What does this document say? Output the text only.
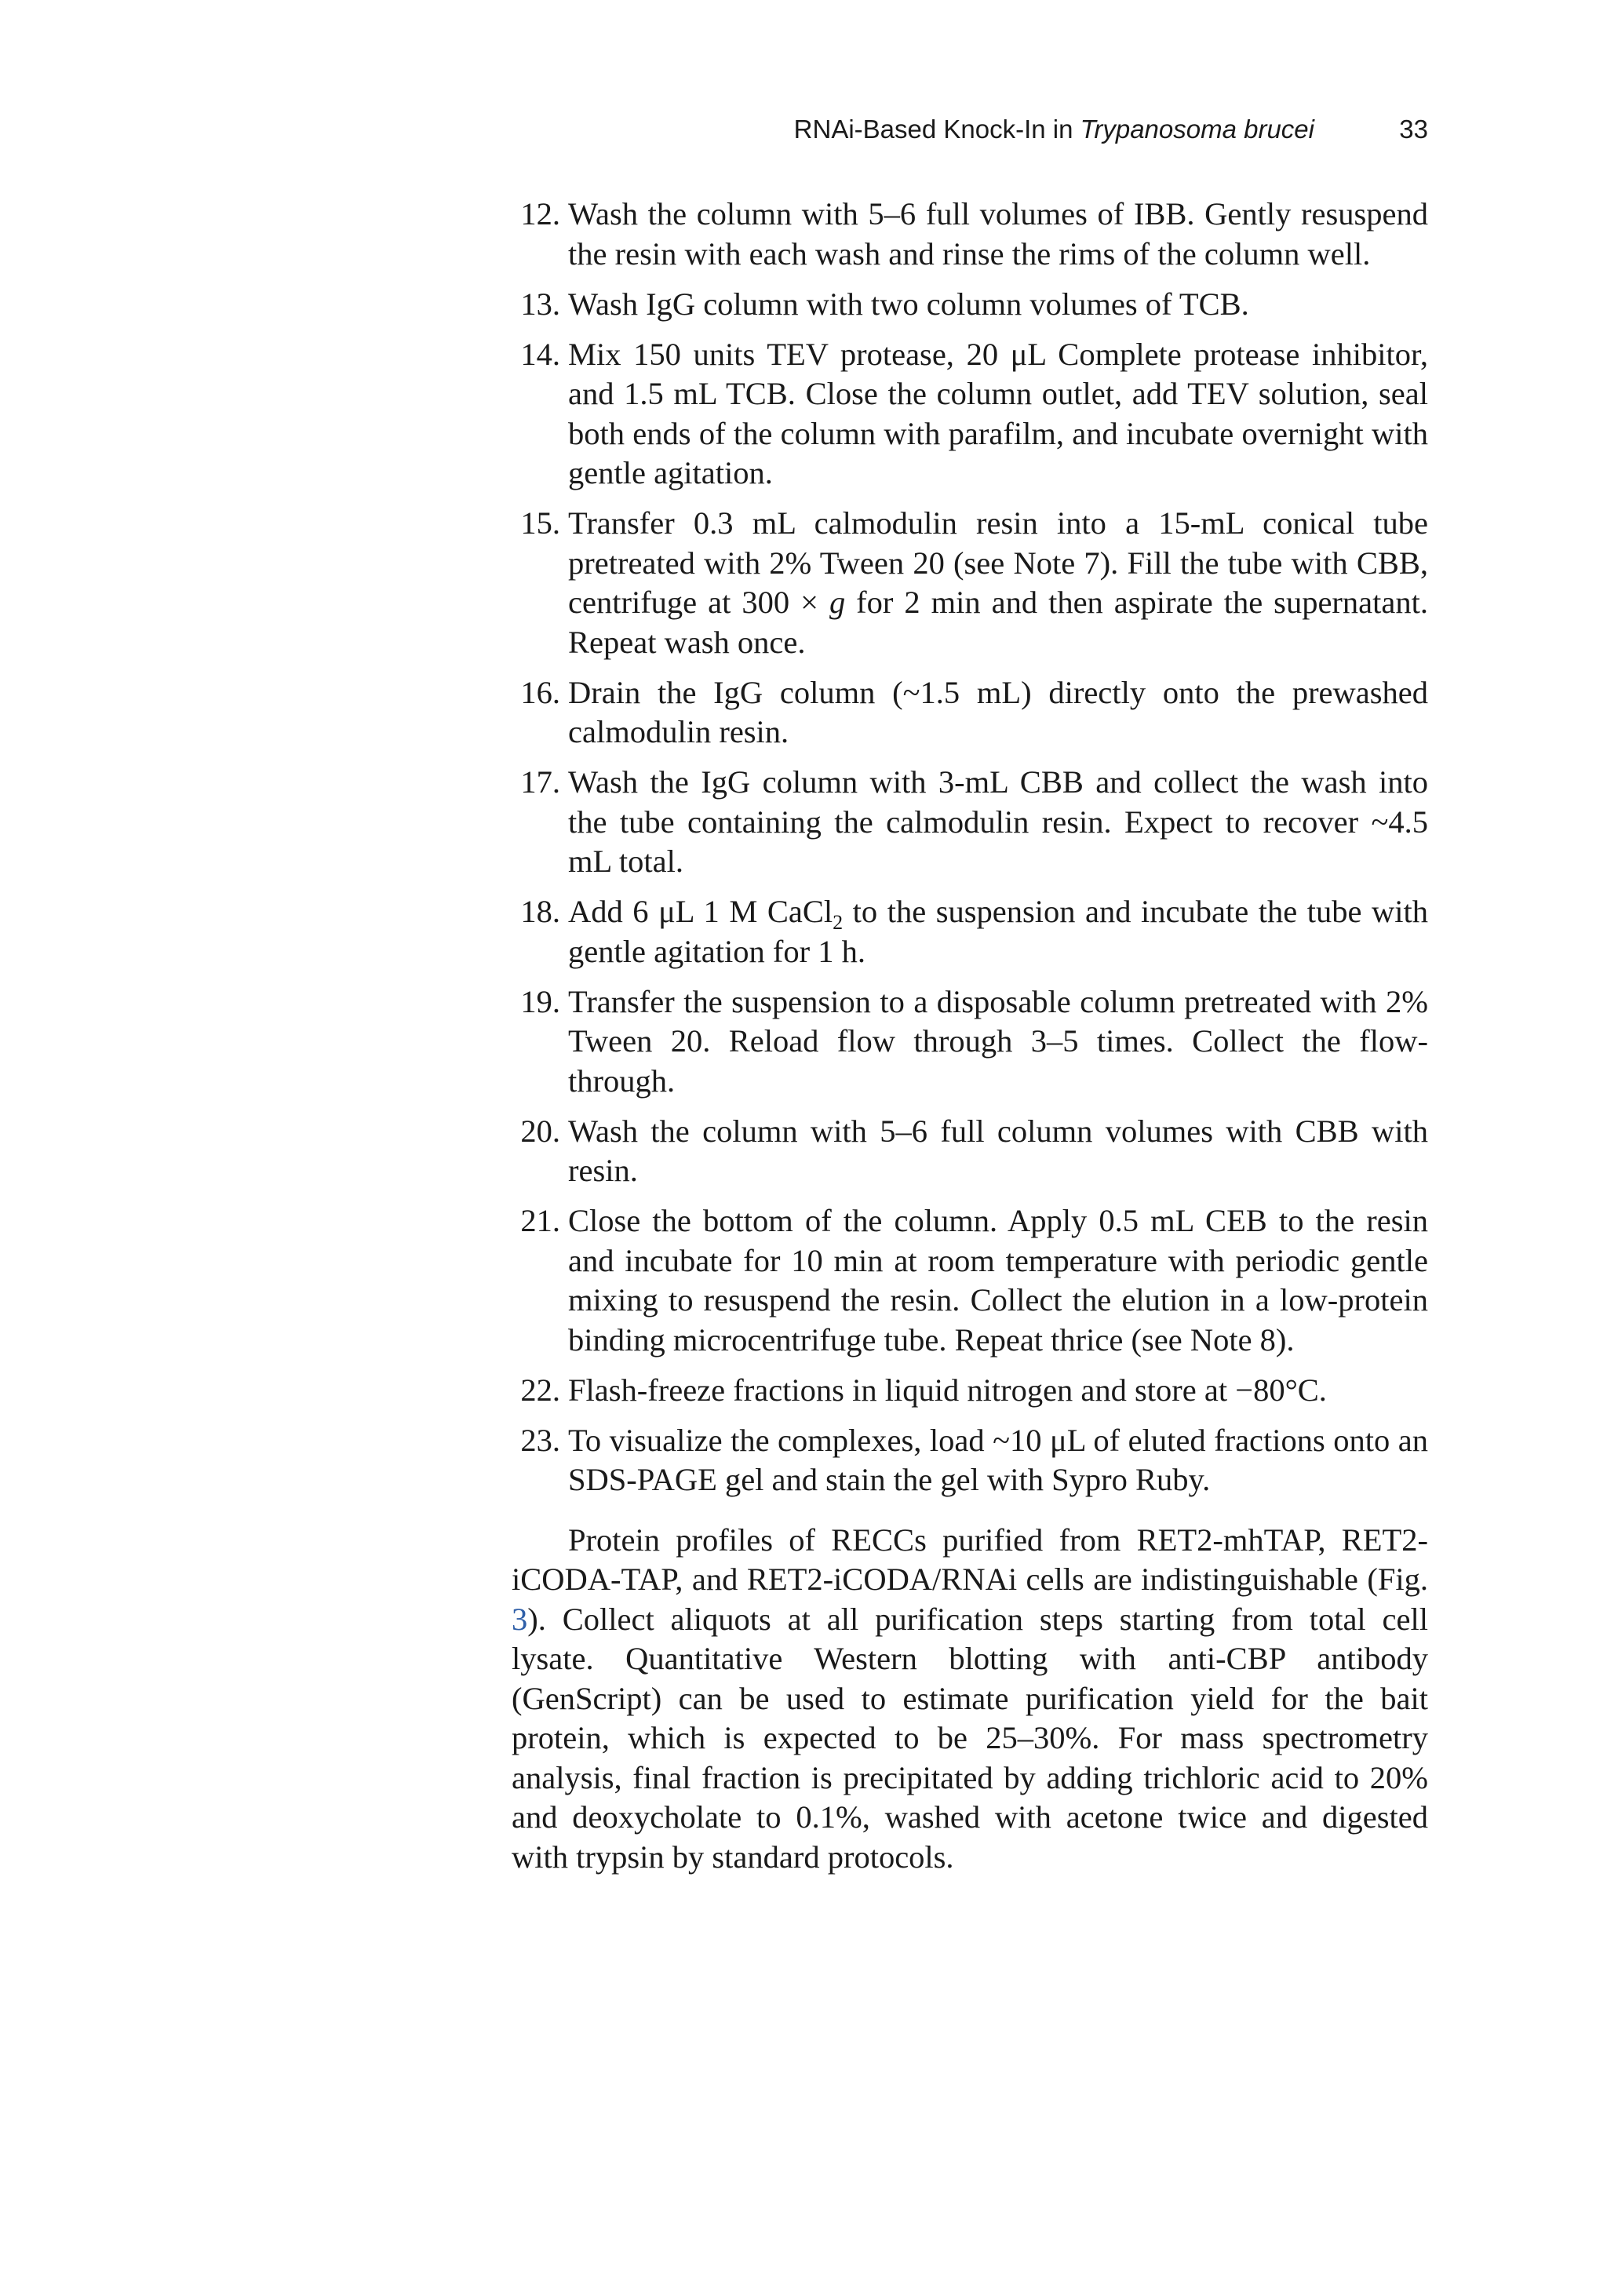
RNAi-Based Knock-In in Trypanosoma brucei	33
12. Wash the column with 5–6 full volumes of IBB. Gently resuspend the resin with each wash and rinse the rims of the column well.
13. Wash IgG column with two column volumes of TCB.
14. Mix 150 units TEV protease, 20 μL Complete protease inhibitor, and 1.5 mL TCB. Close the column outlet, add TEV solution, seal both ends of the column with parafilm, and incubate overnight with gentle agitation.
15. Transfer 0.3 mL calmodulin resin into a 15-mL conical tube pretreated with 2% Tween 20 (see Note 7). Fill the tube with CBB, centrifuge at 300 × g for 2 min and then aspirate the supernatant. Repeat wash once.
16. Drain the IgG column (~1.5 mL) directly onto the prewashed calmodulin resin.
17. Wash the IgG column with 3-mL CBB and collect the wash into the tube containing the calmodulin resin. Expect to recover ~4.5 mL total.
18. Add 6 μL 1 M CaCl$_2$ to the suspension and incubate the tube with gentle agitation for 1 h.
19. Transfer the suspension to a disposable column pretreated with 2% Tween 20. Reload flow through 3–5 times. Collect the flow-through.
20. Wash the column with 5–6 full column volumes with CBB with resin.
21. Close the bottom of the column. Apply 0.5 mL CEB to the resin and incubate for 10 min at room temperature with periodic gentle mixing to resuspend the resin. Collect the elution in a low-protein binding microcentrifuge tube. Repeat thrice (see Note 8).
22. Flash-freeze fractions in liquid nitrogen and store at −80°C.
23. To visualize the complexes, load ~10 μL of eluted fractions onto an SDS-PAGE gel and stain the gel with Sypro Ruby.

Protein profiles of RECCs purified from RET2-mhTAP, RET2-iCODA-TAP, and RET2-iCODA/RNAi cells are indistinguishable (Fig. 3). Collect aliquots at all purification steps starting from total cell lysate. Quantitative Western blotting with anti-CBP antibody (GenScript) can be used to estimate purification yield for the bait protein, which is expected to be 25–30%. For mass spectrometry analysis, final fraction is precipitated by adding trichloric acid to 20% and deoxycholate to 0.1%, washed with acetone twice and digested with trypsin by standard protocols.
